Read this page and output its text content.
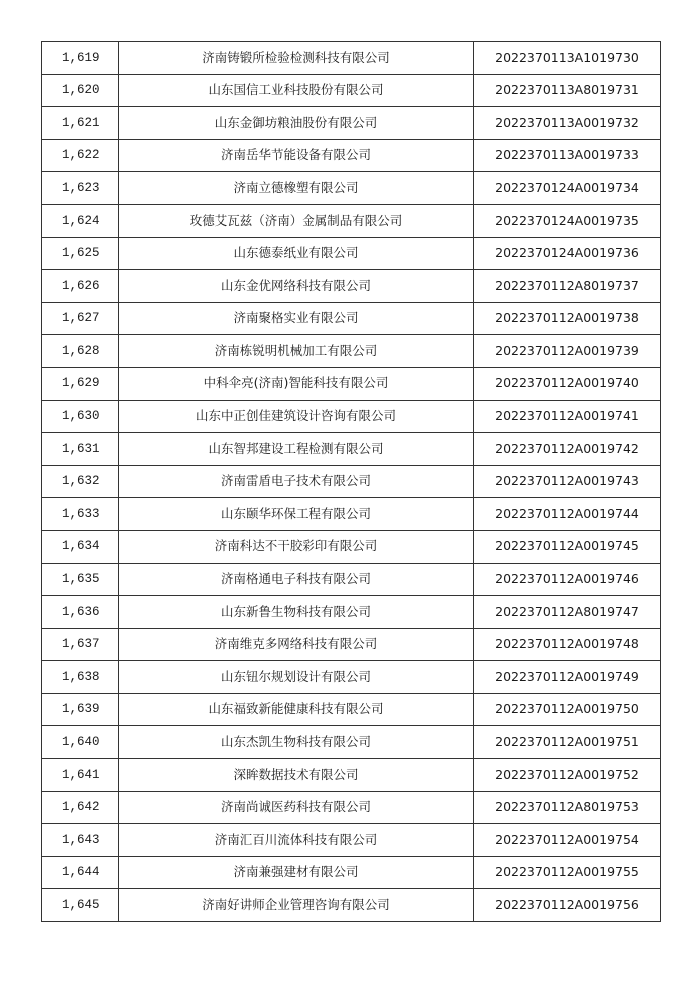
1,619	济南铸锻所检验检测科技有限公司	2022370113A1019730
1,620	山东国信工业科技股份有限公司	2022370113A8019731
1,621	山东金御坊粮油股份有限公司	2022370113A0019732
1,622	济南岳华节能设备有限公司	2022370113A0019733
1,623	济南立德橡塑有限公司	2022370124A0019734
1,624	玫德艾瓦兹（济南）金属制品有限公司	2022370124A0019735
1,625	山东德泰纸业有限公司	2022370124A0019736
1,626	山东金优网络科技有限公司	2022370112A8019737
1,627	济南聚格实业有限公司	2022370112A0019738
1,628	济南栋锐明机械加工有限公司	2022370112A0019739
1,629	中科伞亮(济南)智能科技有限公司	2022370112A0019740
1,630	山东中正创佳建筑设计咨询有限公司	2022370112A0019741
1,631	山东智邦建设工程检测有限公司	2022370112A0019742
1,632	济南雷盾电子技术有限公司	2022370112A0019743
1,633	山东颐华环保工程有限公司	2022370112A0019744
1,634	济南科达不干胶彩印有限公司	2022370112A0019745
1,635	济南格通电子科技有限公司	2022370112A0019746
1,636	山东新鲁生物科技有限公司	2022370112A8019747
1,637	济南维克多网络科技有限公司	2022370112A0019748
1,638	山东钮尔规划设计有限公司	2022370112A0019749
1,639	山东福致新能健康科技有限公司	2022370112A0019750
1,640	山东杰凯生物科技有限公司	2022370112A0019751
1,641	深眸数据技术有限公司	2022370112A0019752
1,642	济南尚诚医药科技有限公司	2022370112A8019753
1,643	济南汇百川流体科技有限公司	2022370112A0019754
1,644	济南兼强建材有限公司	2022370112A0019755
1,645	济南好讲师企业管理咨询有限公司	2022370112A0019756
